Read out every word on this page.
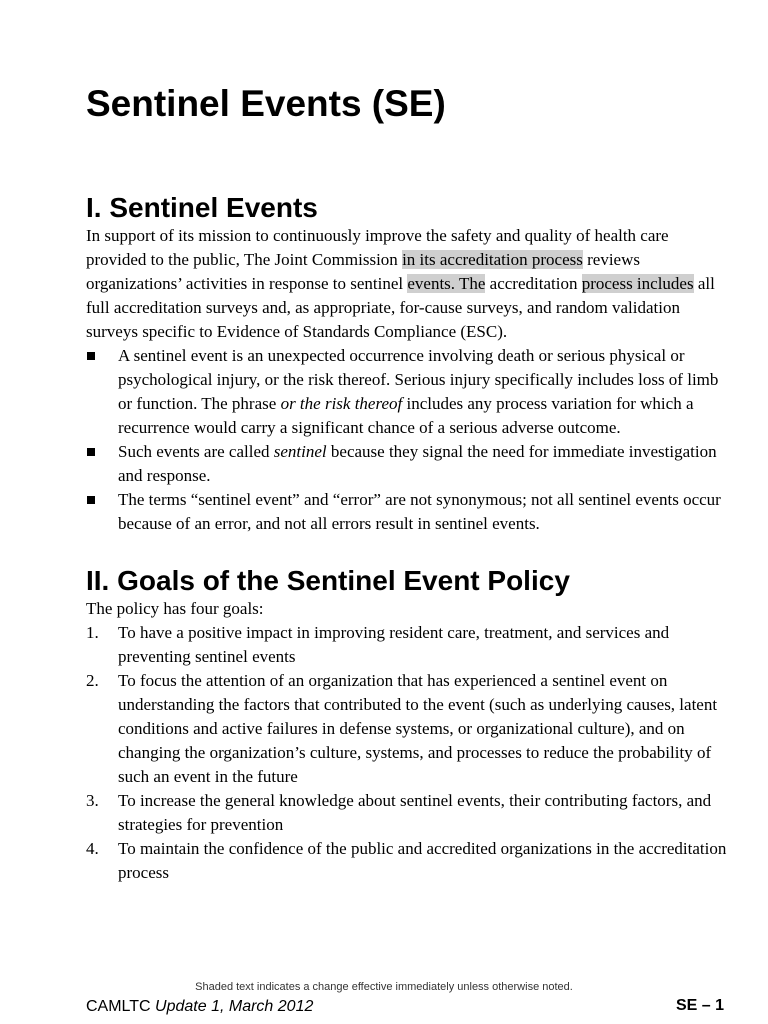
Sentinel Events (SE)
I. Sentinel Events

In support of its mission to continuously improve the safety and quality of health care provided to the public, The Joint Commission in its accreditation process reviews organizations’ activities in response to sentinel events. The accreditation process includes all full accreditation surveys and, as appropriate, for-cause surveys, and random validation surveys specific to Evidence of Standards Compliance (ESC).

A sentinel event is an unexpected occurrence involving death or serious physical or psychological injury, or the risk thereof. Serious injury specifically includes loss of limb or function. The phrase or the risk thereof includes any process variation for which a recurrence would carry a significant chance of a serious adverse outcome.
Such events are called sentinel because they signal the need for immediate investigation and response.
The terms “sentinel event” and “error” are not synonymous; not all sentinel events occur because of an error, and not all errors result in sentinel events.
II. Goals of the Sentinel Event Policy

The policy has four goals:

1. To have a positive impact in improving resident care, treatment, and services and preventing sentinel events
2. To focus the attention of an organization that has experienced a sentinel event on understanding the factors that contributed to the event (such as underlying causes, latent conditions and active failures in defense systems, or organizational culture), and on changing the organization’s culture, systems, and processes to reduce the probability of such an event in the future
3. To increase the general knowledge about sentinel events, their contributing factors, and strategies for prevention
4. To maintain the confidence of the public and accredited organizations in the accreditation process
Shaded text indicates a change effective immediately unless otherwise noted.
CAMLTC Update 1, March 2012	SE – 1
